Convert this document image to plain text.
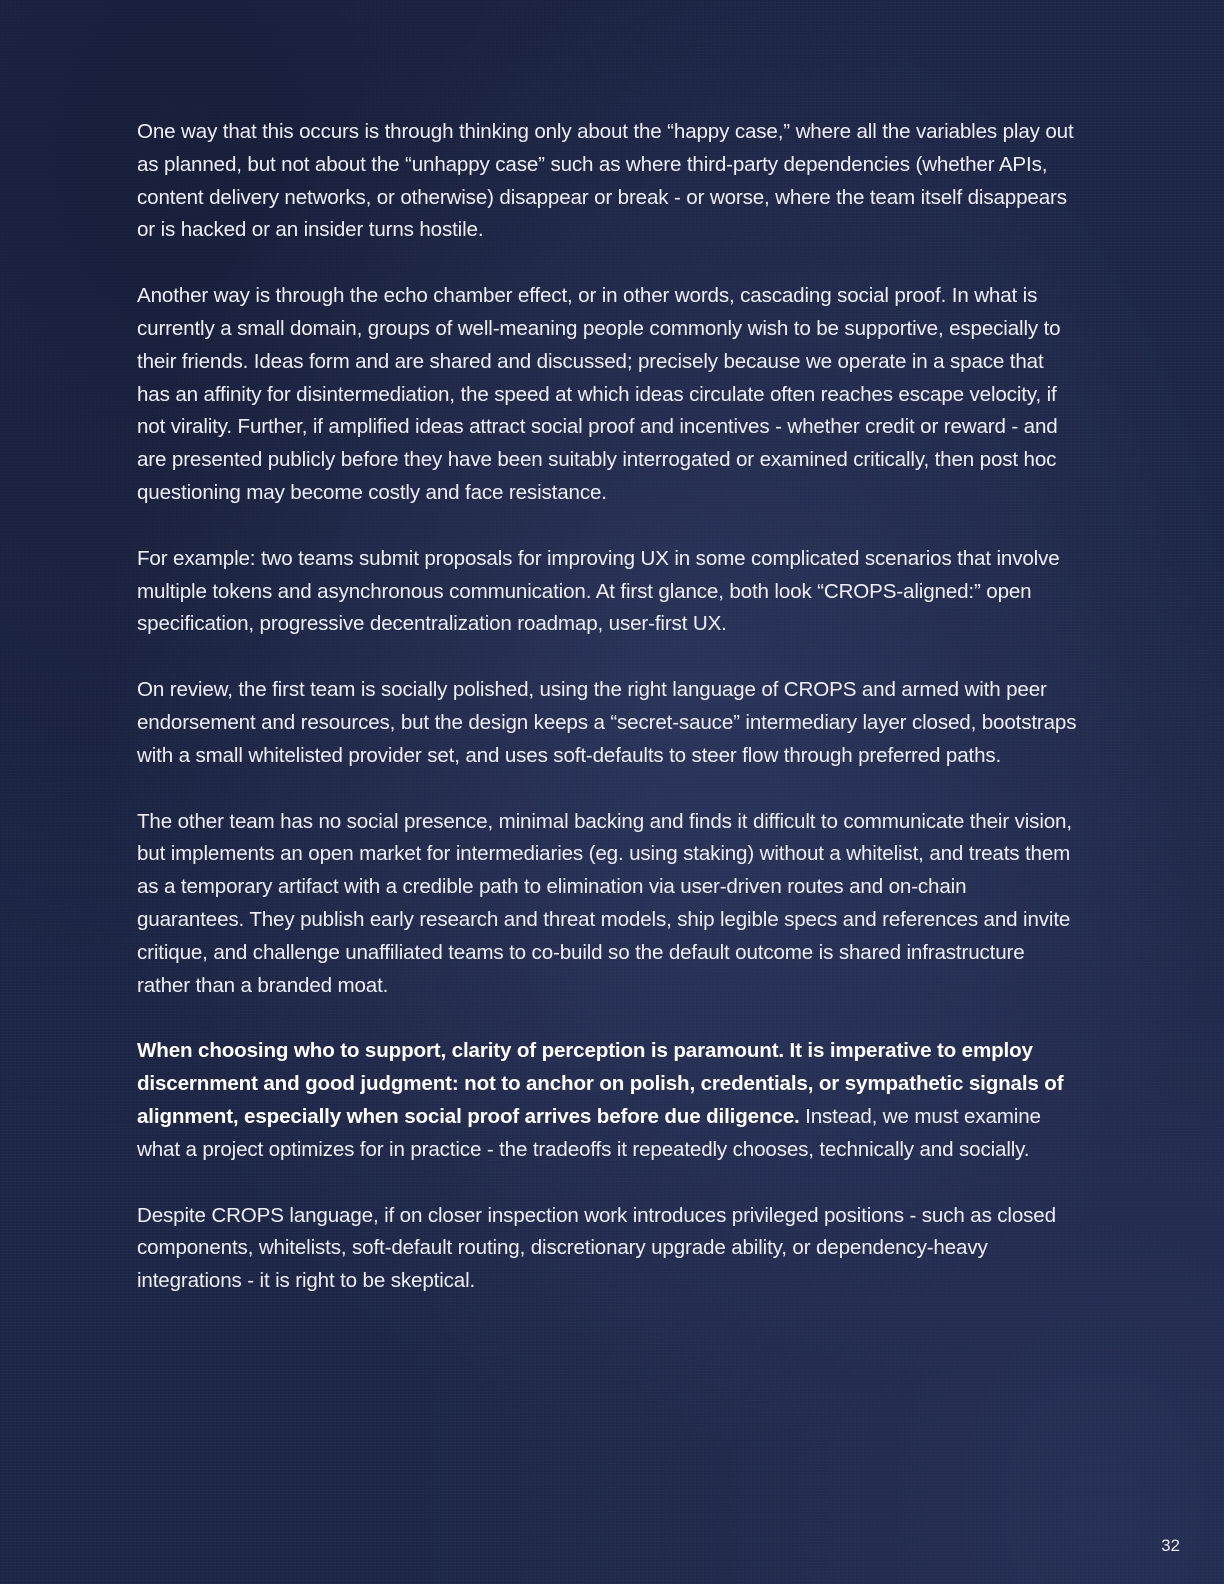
One way that this occurs is through thinking only about the “happy case,” where all the variables play out as planned, but not about the “unhappy case” such as where third-party dependencies (whether APIs, content delivery networks, or otherwise) disappear or break - or worse, where the team itself disappears or is hacked or an insider turns hostile.

Another way is through the echo chamber effect, or in other words, cascading social proof. In what is currently a small domain, groups of well-meaning people commonly wish to be supportive, especially to their friends. Ideas form and are shared and discussed; precisely because we operate in a space that has an affinity for disintermediation, the speed at which ideas circulate often reaches escape velocity, if not virality. Further, if amplified ideas attract social proof and incentives - whether credit or reward - and are presented publicly before they have been suitably interrogated or examined critically, then post hoc questioning may become costly and face resistance.

For example: two teams submit proposals for improving UX in some complicated scenarios that involve multiple tokens and asynchronous communication. At first glance, both look “CROPS-aligned:” open specification, progressive decentralization roadmap, user-first UX.

On review, the first team is socially polished, using the right language of CROPS and armed with peer endorsement and resources, but the design keeps a “secret-sauce” intermediary layer closed, bootstraps with a small whitelisted provider set, and uses soft-defaults to steer flow through preferred paths.

The other team has no social presence, minimal backing and finds it difficult to communicate their vision, but implements an open market for intermediaries (eg. using staking) without a whitelist, and treats them as a temporary artifact with a credible path to elimination via user-driven routes and on-chain guarantees. They publish early research and threat models, ship legible specs and references and invite critique, and challenge unaffiliated teams to co-build so the default outcome is shared infrastructure rather than a branded moat.

When choosing who to support, clarity of perception is paramount. It is imperative to employ discernment and good judgment: not to anchor on polish, credentials, or sympathetic signals of alignment, especially when social proof arrives before due diligence. Instead, we must examine what a project optimizes for in practice - the tradeoffs it repeatedly chooses, technically and socially.

Despite CROPS language, if on closer inspection work introduces privileged positions - such as closed components, whitelists, soft-default routing, discretionary upgrade ability, or dependency-heavy integrations - it is right to be skeptical.

32
